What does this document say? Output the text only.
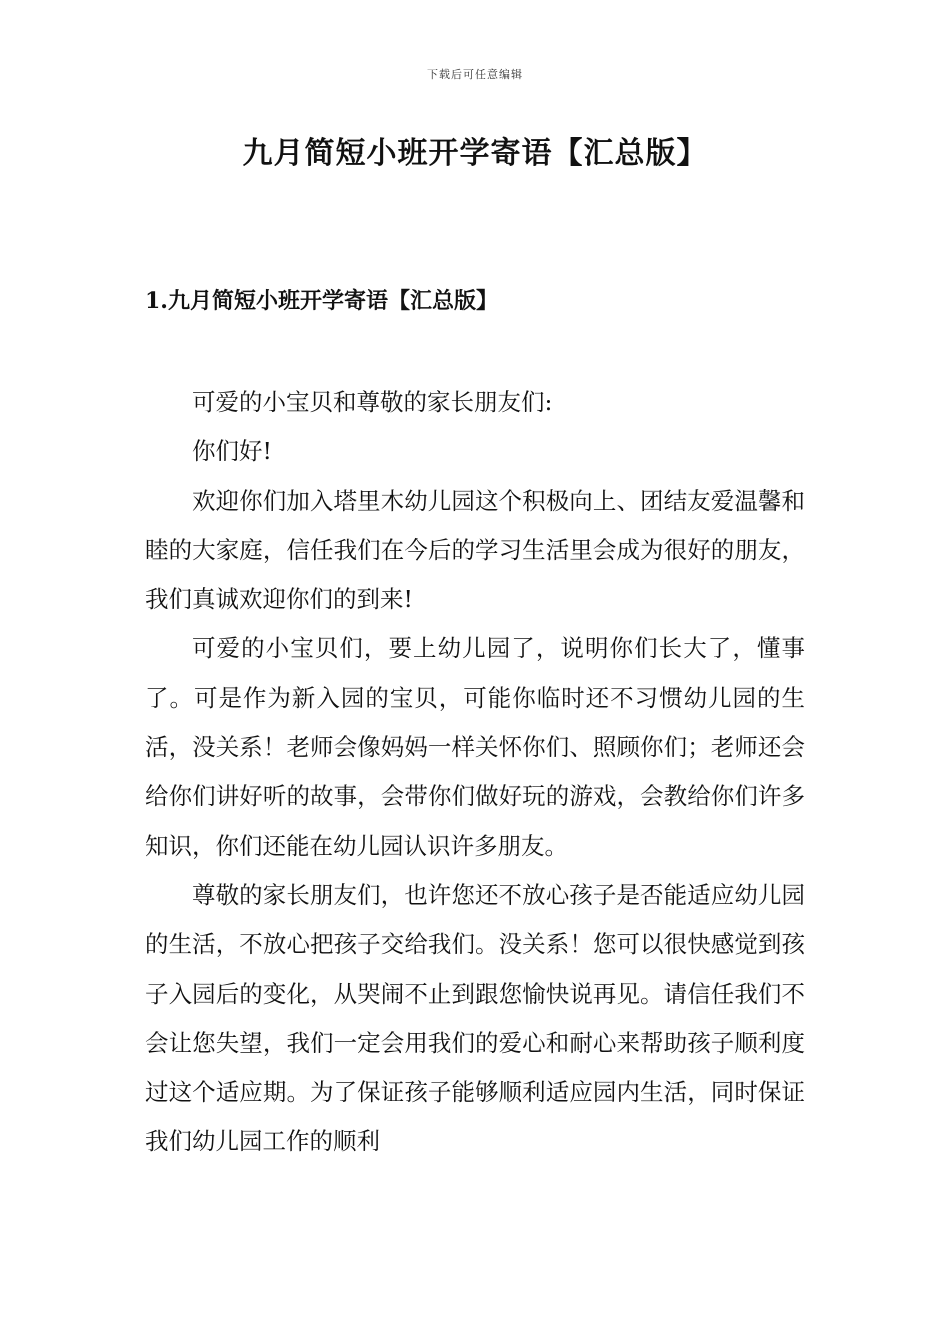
下载后可任意编辑
九月简短小班开学寄语【汇总版】
1.九月简短小班开学寄语【汇总版】

可爱的小宝贝和尊敬的家长朋友们:

你们好!

欢迎你们加入塔里木幼儿园这个积极向上、团结友爱温馨和睦的大家庭，信任我们在今后的学习生活里会成为很好的朋友，我们真诚欢迎你们的到来!

可爱的小宝贝们，要上幼儿园了，说明你们长大了，懂事了。可是作为新入园的宝贝，可能你临时还不习惯幼儿园的生活，没关系！老师会像妈妈一样关怀你们、照顾你们；老师还会给你们讲好听的故事，会带你们做好玩的游戏，会教给你们许多知识，你们还能在幼儿园认识许多朋友。

尊敬的家长朋友们，也许您还不放心孩子是否能适应幼儿园的生活，不放心把孩子交给我们。没关系！您可以很快感觉到孩子入园后的变化，从哭闹不止到跟您愉快说再见。请信任我们不会让您失望，我们一定会用我们的爱心和耐心来帮助孩子顺利度过这个适应期。为了保证孩子能够顺利适应园内生活，同时保证我们幼儿园工作的顺利
